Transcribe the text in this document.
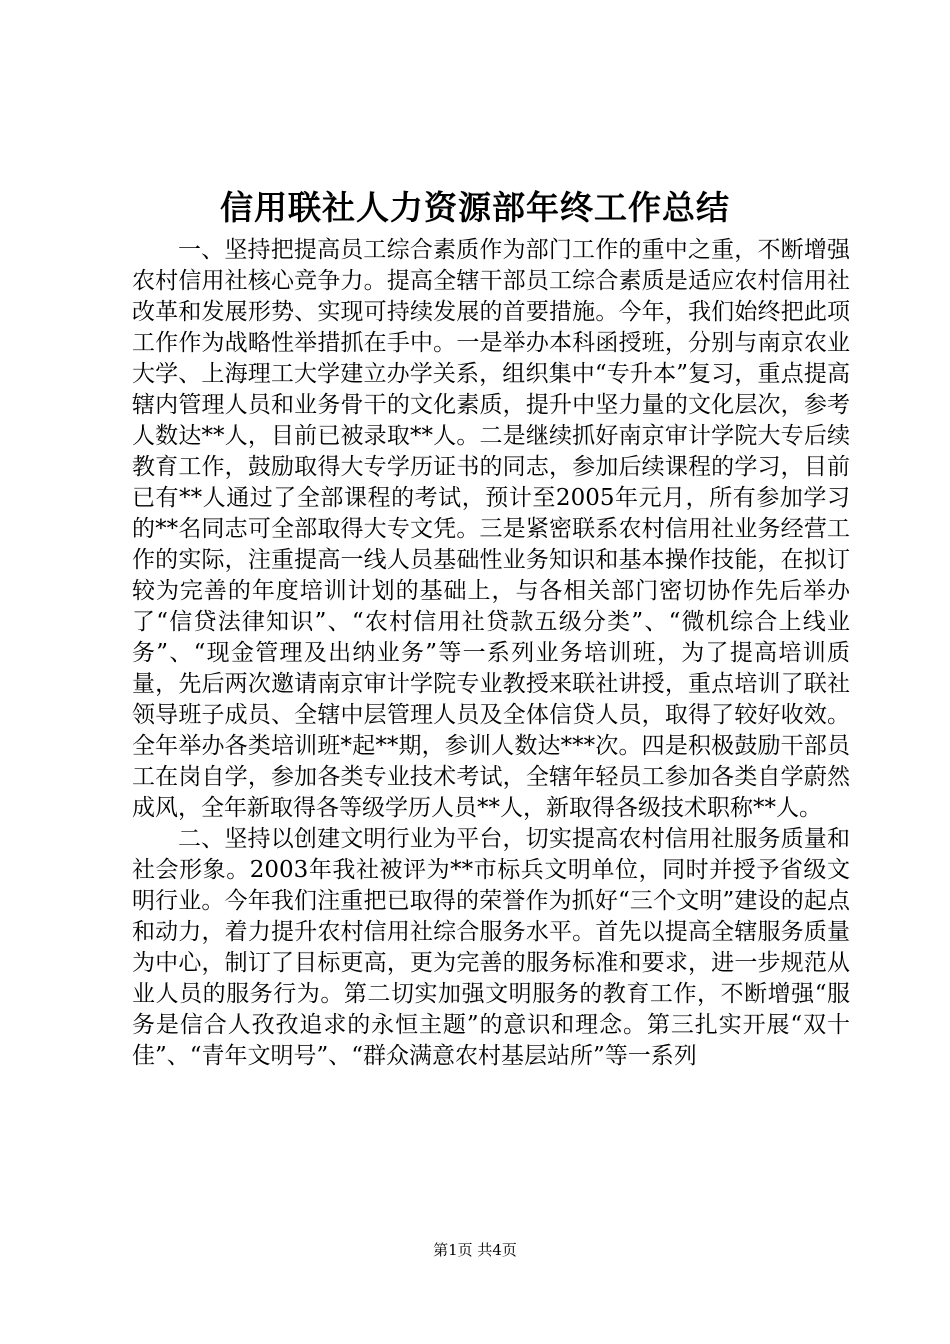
信用联社人力资源部年终工作总结

一、坚持把提高员工综合素质作为部门工作的重中之重，不断增强农村信用社核心竞争力。提高全辖干部员工综合素质是适应农村信用社改革和发展形势、实现可持续发展的首要措施。今年，我们始终把此项工作作为战略性举措抓在手中。一是举办本科函授班，分别与南京农业大学、上海理工大学建立办学关系，组织集中“专升本”复习，重点提高辖内管理人员和业务骨干的文化素质，提升中坚力量的文化层次，参考人数达**人，目前已被录取**人。二是继续抓好南京审计学院大专后续教育工作，鼓励取得大专学历证书的同志，参加后续课程的学习，目前已有**人通过了全部课程的考试，预计至2005年元月，所有参加学习的**名同志可全部取得大专文凭。三是紧密联系农村信用社业务经营工作的实际，注重提高一线人员基础性业务知识和基本操作技能，在拟订较为完善的年度培训计划的基础上，与各相关部门密切协作先后举办了“信贷法律知识”、“农村信用社贷款五级分类”、“微机综合上线业务”、“现金管理及出纳业务”等一系列业务培训班，为了提高培训质量，先后两次邀请南京审计学院专业教授来联社讲授，重点培训了联社领导班子成员、全辖中层管理人员及全体信贷人员，取得了较好收效。全年举办各类培训班*起**期，参训人数达***次。四是积极鼓励干部员工在岗自学，参加各类专业技术考试，全辖年轻员工参加各类自学蔚然成风，全年新取得各等级学历人员**人，新取得各级技术职称**人。

二、坚持以创建文明行业为平台，切实提高农村信用社服务质量和社会形象。2003年我社被评为**市标兵文明单位，同时并授予省级文明行业。今年我们注重把已取得的荣誉作为抓好“三个文明”建设的起点和动力，着力提升农村信用社综合服务水平。首先以提高全辖服务质量为中心，制订了目标更高，更为完善的服务标准和要求，进一步规范从业人员的服务行为。第二切实加强文明服务的教育工作，不断增强“服务是信合人孜孜追求的永恒主题”的意识和理念。第三扎实开展“双十佳”、“青年文明号”、“群众满意农村基层站所”等一系列

第1页 共4页
